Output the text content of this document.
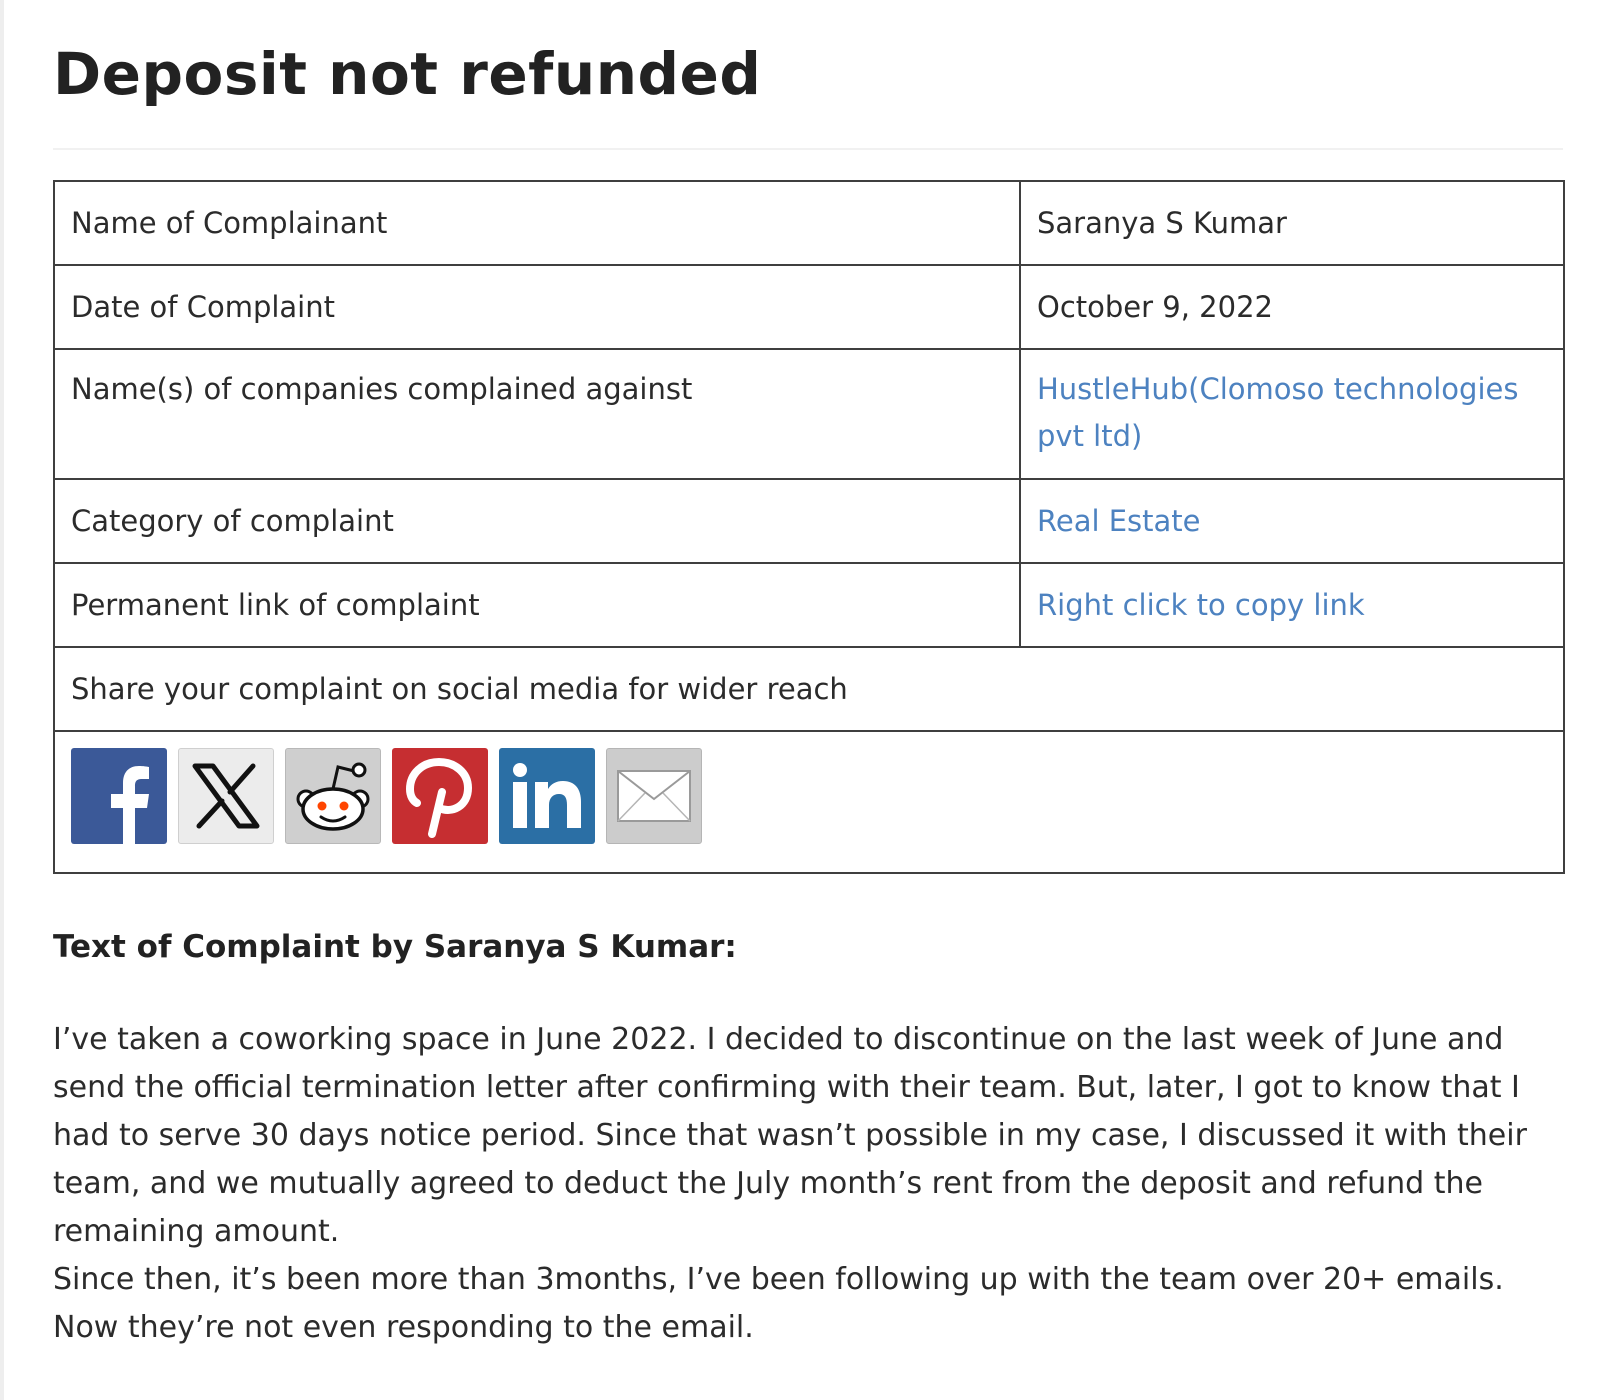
Deposit not refunded
Name of Complainant	Saranya S Kumar
Date of Complaint	October 9, 2022
Name(s) of companies complained against	HustleHub(Clomoso technologies pvt ltd)
Category of complaint	Real Estate
Permanent link of complaint	Right click to copy link
Share your complaint on social media for wider reach	

Text of Complaint by Saranya S Kumar:

I’ve taken a coworking space in June 2022. I decided to discontinue on the last week of June and send the official termination letter after confirming with their team. But, later, I got to know that I had to serve 30 days notice period. Since that wasn’t possible in my case, I discussed it with their team, and we mutually agreed to deduct the July month’s rent from the deposit and refund the remaining amount.

Since then, it’s been more than 3months, I’ve been following up with the team over 20+ emails. Now they’re not even responding to the email.
